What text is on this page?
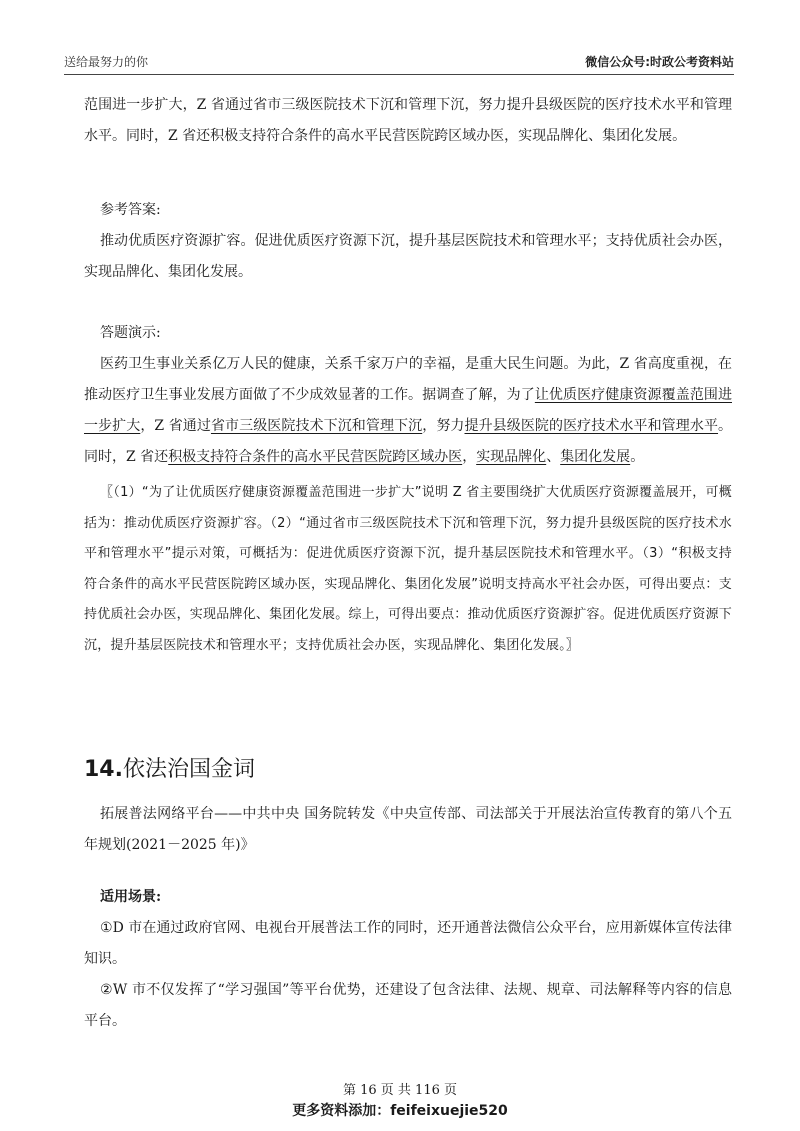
送给最努力的你	微信公众号:时政公考资料站

范围进一步扩大，Z 省通过省市三级医院技术下沉和管理下沉，努力提升县级医院的医疗技术水平和管理水平。同时，Z 省还积极支持符合条件的高水平民营医院跨区域办医，实现品牌化、集团化发展。

参考答案:

推动优质医疗资源扩容。促进优质医疗资源下沉，提升基层医院技术和管理水平；支持优质社会办医，实现品牌化、集团化发展。

答题演示:

医药卫生事业关系亿万人民的健康，关系千家万户的幸福，是重大民生问题。为此，Z 省高度重视，在推动医疗卫生事业发展方面做了不少成效显著的工作。据调查了解，为了让优质医疗健康资源覆盖范围进一步扩大，Z 省通过省市三级医院技术下沉和管理下沉，努力提升县级医院的医疗技术水平和管理水平。同时，Z 省还积极支持符合条件的高水平民营医院跨区域办医，实现品牌化、集团化发展。

〖（1）“为了让优质医疗健康资源覆盖范围进一步扩大”说明 Z 省主要围绕扩大优质医疗资源覆盖展开，可概括为：推动优质医疗资源扩容。（2）“通过省市三级医院技术下沉和管理下沉，努力提升县级医院的医疗技术水平和管理水平”提示对策，可概括为：促进优质医疗资源下沉，提升基层医院技术和管理水平。（3）“积极支持符合条件的高水平民营医院跨区域办医，实现品牌化、集团化发展”说明支持高水平社会办医，可得出要点：支持优质社会办医，实现品牌化、集团化发展。综上，可得出要点：推动优质医疗资源扩容。促进优质医疗资源下沉，提升基层医院技术和管理水平；支持优质社会办医，实现品牌化、集团化发展。〗

14.依法治国金词

拓展普法网络平台——中共中央 国务院转发《中央宣传部、司法部关于开展法治宣传教育的第八个五年规划(2021－2025 年)》

适用场景:

①D 市在通过政府官网、电视台开展普法工作的同时，还开通普法微信公众平台，应用新媒体宣传法律知识。

②W 市不仅发挥了“学习强国”等平台优势，还建设了包含法律、法规、规章、司法解释等内容的信息平台。

第 16 页 共 116 页
更多资料添加：feifeixuejie520
